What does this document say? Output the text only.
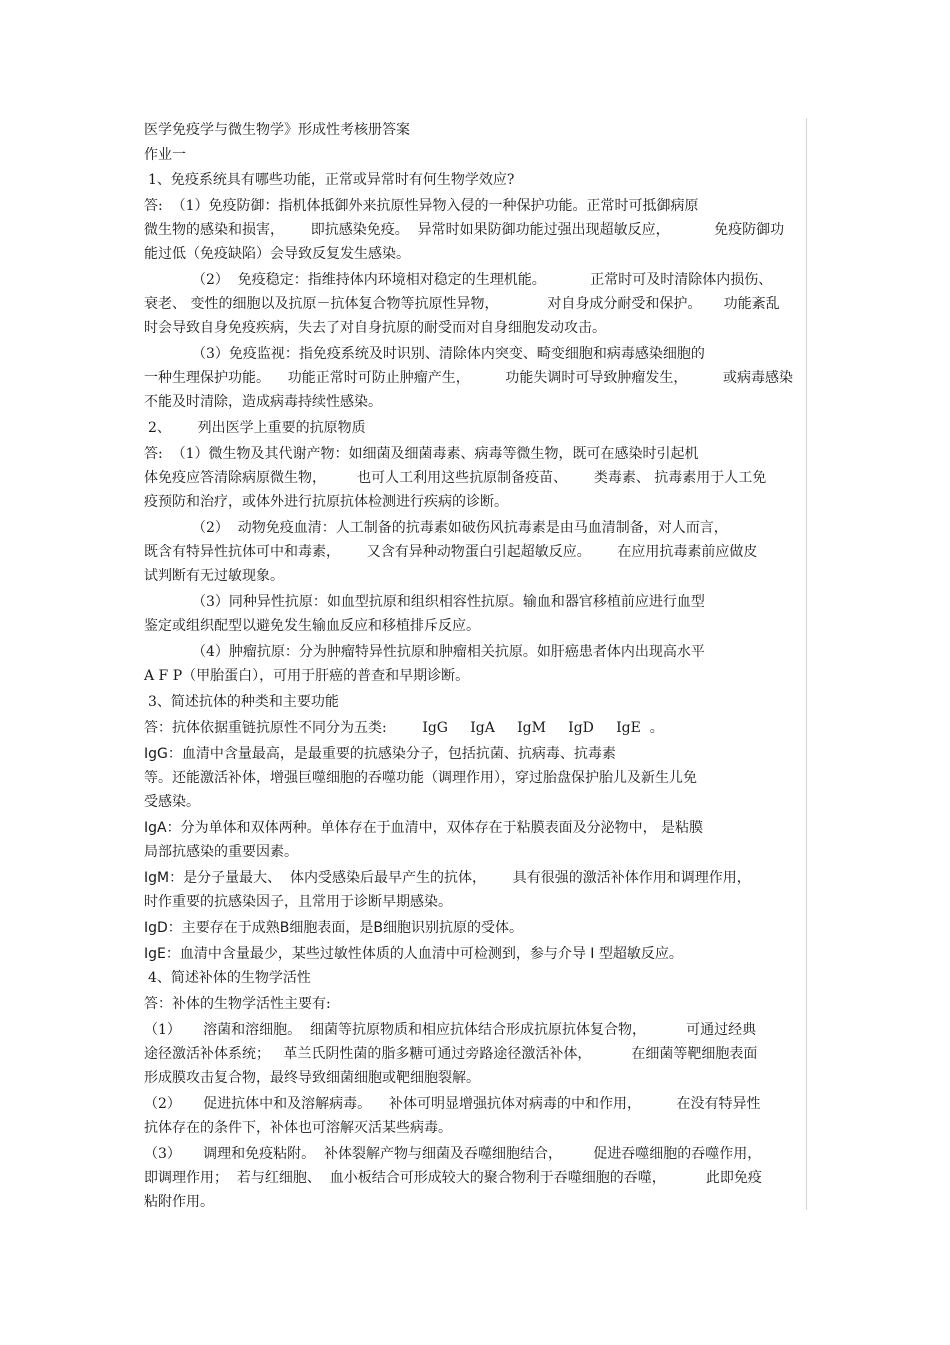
医学免疫学与微生物学》形成性考核册答案
作业一
1、免疫系统具有哪些功能，正常或异常时有何生物学效应?
答:  （1）免疫防御：指机体抵御外来抗原性异物入侵的一种保护功能。正常时可抵御病原
微生物的感染和损害，      即抗感染免疫。  异常时如果防御功能过强出现超敏反应，          免疫防御功
能过低（免疫缺陷）会导致反复发生感染。
（2）  免疫稳定：指维持体内环境相对稳定的生理机能。          正常时可及时清除体内损伤、
衰老、 变性的细胞以及抗原－抗体复合物等抗原性异物，           对自身成分耐受和保护。     功能紊乱
时会导致自身免疫疾病，失去了对自身抗原的耐受而对自身细胞发动攻击。
（3）免疫监视：指免疫系统及时识别、清除体内突变、畸变细胞和病毒感染细胞的
一种生理保护功能。    功能正常时可防止肿瘤产生，        功能失调时可导致肿瘤发生，        或病毒感染
不能及时清除，造成病毒持续性感染。
2、      列出医学上重要的抗原物质
答:  （1）微生物及其代谢产物：如细菌及细菌毒素、病毒等微生物，既可在感染时引起机
体免疫应答清除病原微生物，       也可人工利用这些抗原制备疫苗、      类毒素、 抗毒素用于人工免
疫预防和治疗，或体外进行抗原抗体检测进行疾病的诊断。
（2）  动物免疫血清：人工制备的抗毒素如破伤风抗毒素是由马血清制备，对人而言，
既含有特异性抗体可中和毒素，      又含有异种动物蛋白引起超敏反应。      在应用抗毒素前应做皮
试判断有无过敏现象。
（3）同种异性抗原：如血型抗原和组织相容性抗原。输血和器官移植前应进行血型
鉴定或组织配型以避免发生输血反应和移植排斥反应。
（4）肿瘤抗原：分为肿瘤特异性抗原和肿瘤相关抗原。如肝癌患者体内出现高水平
A F P（甲胎蛋白），可用于肝癌的普查和早期诊断。
3、简述抗体的种类和主要功能
答：抗体依据重链抗原性不同分为五类:        IgG     IgA     IgM     IgD     IgE  。
IgG：血清中含量最高，是最重要的抗感染分子，包括抗菌、抗病毒、抗毒素
等。还能激活补体，增强巨噬细胞的吞噬功能（调理作用），穿过胎盘保护胎儿及新生儿免
受感染。
IgA：分为单体和双体两种。单体存在于血清中，双体存在于粘膜表面及分泌物中， 是粘膜
局部抗感染的重要因素。
IgM：是分子量最大、  体内受感染后最早产生的抗体，      具有很强的激活补体作用和调理作用，
时作重要的抗感染因子，且常用于诊断早期感染。
IgD：主要存在于成熟B细胞表面，是B细胞识别抗原的受体。
IgE：血清中含量最少，某些过敏性体质的人血清中可检测到，参与介导 I 型超敏反应。
4、简述补体的生物学活性
答：补体的生物学活性主要有:
（1）     溶菌和溶细胞。  细菌等抗原物质和相应抗体结合形成抗原抗体复合物，         可通过经典
途径激活补体系统；   革兰氏阴性菌的脂多糖可通过旁路途径激活补体，         在细菌等靶细胞表面
形成膜攻击复合物，最终导致细菌细胞或靶细胞裂解。
（2）     促进抗体中和及溶解病毒。    补体可明显增强抗体对病毒的中和作用，        在没有特异性
抗体存在的条件下，补体也可溶解灭活某些病毒。
（3）     调理和免疫粘附。  补体裂解产物与细菌及吞噬细胞结合，       促进吞噬细胞的吞噬作用，
即调理作用；  若与红细胞、  血小板结合可形成较大的聚合物利于吞噬细胞的吞噬，         此即免疫
粘附作用。
